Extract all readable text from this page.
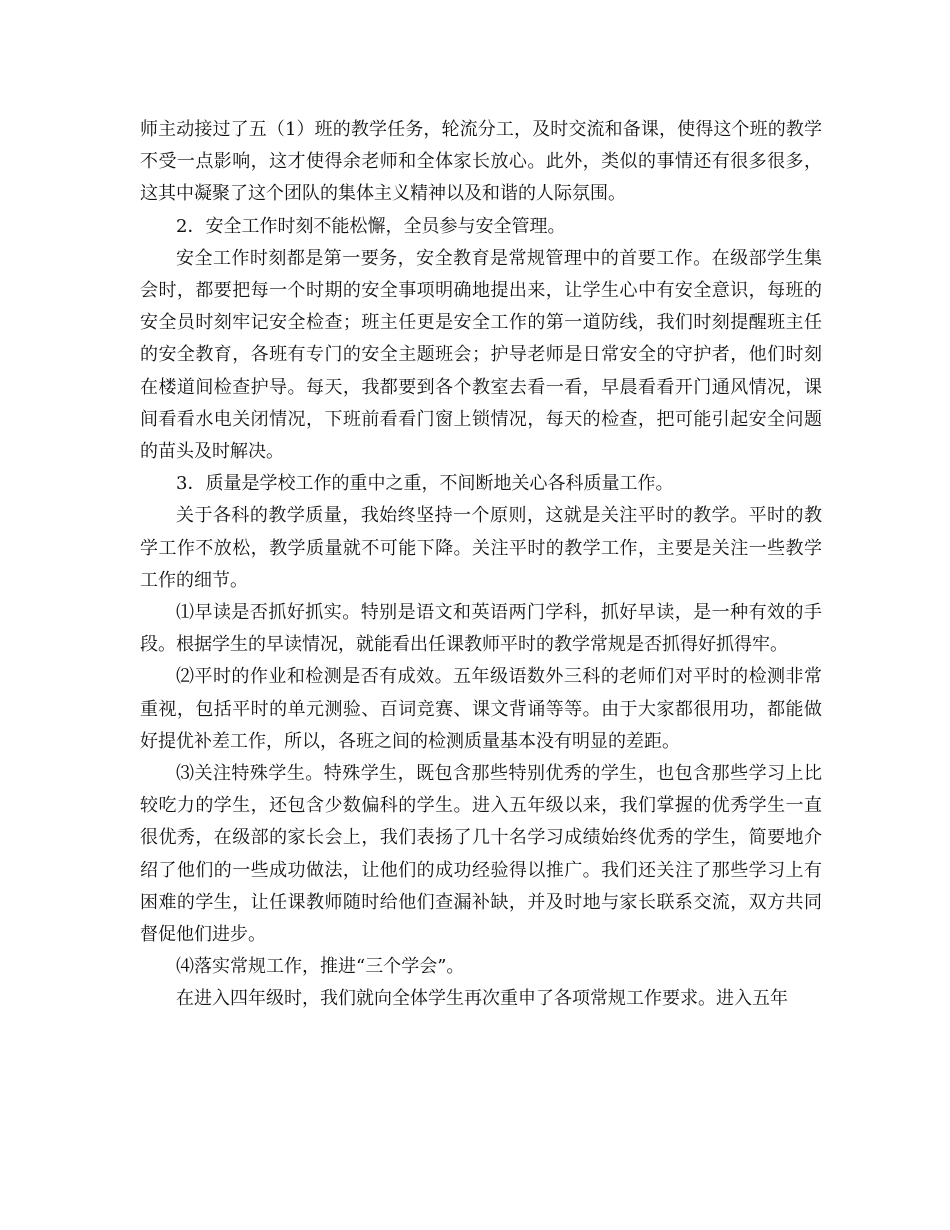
师主动接过了五（1）班的教学任务，轮流分工，及时交流和备课，使得这个班的教学不受一点影响，这才使得余老师和全体家长放心。此外，类似的事情还有很多很多，这其中凝聚了这个团队的集体主义精神以及和谐的人际氛围。

2．安全工作时刻不能松懈，全员参与安全管理。

安全工作时刻都是第一要务，安全教育是常规管理中的首要工作。在级部学生集会时，都要把每一个时期的安全事项明确地提出来，让学生心中有安全意识，每班的安全员时刻牢记安全检查；班主任更是安全工作的第一道防线，我们时刻提醒班主任的安全教育，各班有专门的安全主题班会；护导老师是日常安全的守护者，他们时刻在楼道间检查护导。每天，我都要到各个教室去看一看，早晨看看开门通风情况，课间看看水电关闭情况，下班前看看门窗上锁情况，每天的检查，把可能引起安全问题的苗头及时解决。

3．质量是学校工作的重中之重，不间断地关心各科质量工作。

关于各科的教学质量，我始终坚持一个原则，这就是关注平时的教学。平时的教学工作不放松，教学质量就不可能下降。关注平时的教学工作，主要是关注一些教学工作的细节。

⑴早读是否抓好抓实。特别是语文和英语两门学科，抓好早读，是一种有效的手段。根据学生的早读情况，就能看出任课教师平时的教学常规是否抓得好抓得牢。

⑵平时的作业和检测是否有成效。五年级语数外三科的老师们对平时的检测非常重视，包括平时的单元测验、百词竞赛、课文背诵等等。由于大家都很用功，都能做好提优补差工作，所以，各班之间的检测质量基本没有明显的差距。

⑶关注特殊学生。特殊学生，既包含那些特别优秀的学生，也包含那些学习上比较吃力的学生，还包含少数偏科的学生。进入五年级以来，我们掌握的优秀学生一直很优秀，在级部的家长会上，我们表扬了几十名学习成绩始终优秀的学生，简要地介绍了他们的一些成功做法，让他们的成功经验得以推广。我们还关注了那些学习上有困难的学生，让任课教师随时给他们查漏补缺，并及时地与家长联系交流，双方共同督促他们进步。

⑷落实常规工作，推进“三个学会”。

在进入四年级时，我们就向全体学生再次重申了各项常规工作要求。进入五年
